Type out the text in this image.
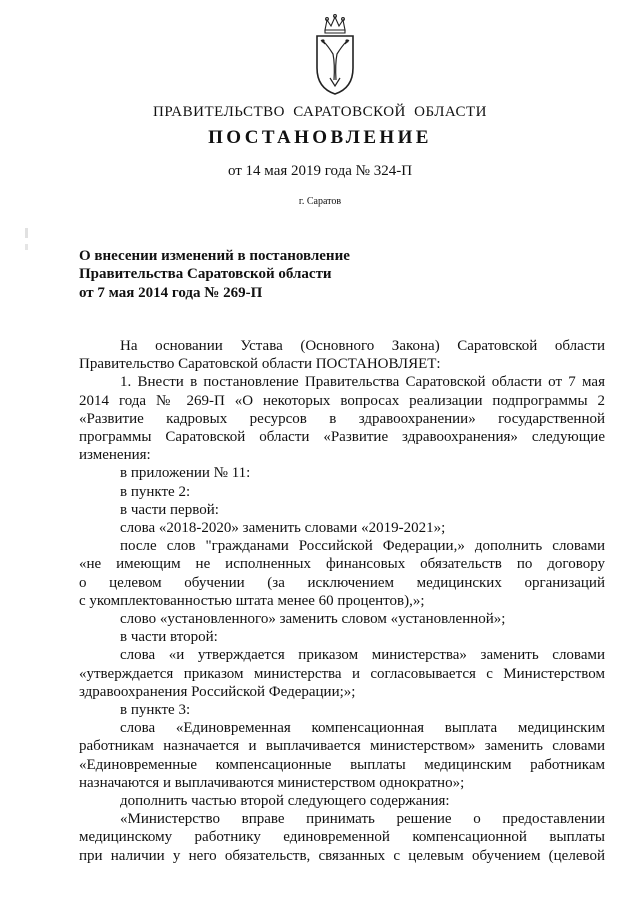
ПРАВИТЕЛЬСТВО САРАТОВСКОЙ ОБЛАСТИ
ПОСТАНОВЛЕНИЕ
от 14 мая 2019 года № 324-П
г. Саратов
О внесении изменений в постановление
Правительства Саратовской области
от 7 мая 2014 года № 269-П

На основании Устава (Основного Закона) Саратовской области

Правительство Саратовской области ПОСТАНОВЛЯЕТ:

1. Внести в постановление Правительства Саратовской области от 7 мая

2014 года № 269-П «О некоторых вопросах реализации подпрограммы 2

«Развитие кадровых ресурсов в здравоохранении» государственной

программы Саратовской области «Развитие здравоохранения» следующие

изменения:

в приложении № 11:

в пункте 2:

в части первой:

слова «2018-2020» заменить словами «2019-2021»;

после слов "гражданами Российской Федерации,» дополнить словами

«не имеющим не исполненных финансовых обязательств по договору

о целевом обучении (за исключением медицинских организаций

с укомплектованностью штата менее 60 процентов),»;

слово «установленного» заменить словом «установленной»;

в части второй:

слова «и утверждается приказом министерства» заменить словами

«утверждается приказом министерства и согласовывается с Министерством

здравоохранения Российской Федерации;»;

в пункте 3:

слова «Единовременная компенсационная выплата медицинским

работникам назначается и выплачивается министерством» заменить словами

«Единовременные компенсационные выплаты медицинским работникам

назначаются и выплачиваются министерством однократно»;

дополнить частью второй следующего содержания:

«Министерство вправе принимать решение о предоставлении

медицинскому работнику единовременной компенсационной выплаты

при наличии у него обязательств, связанных с целевым обучением (целевой
